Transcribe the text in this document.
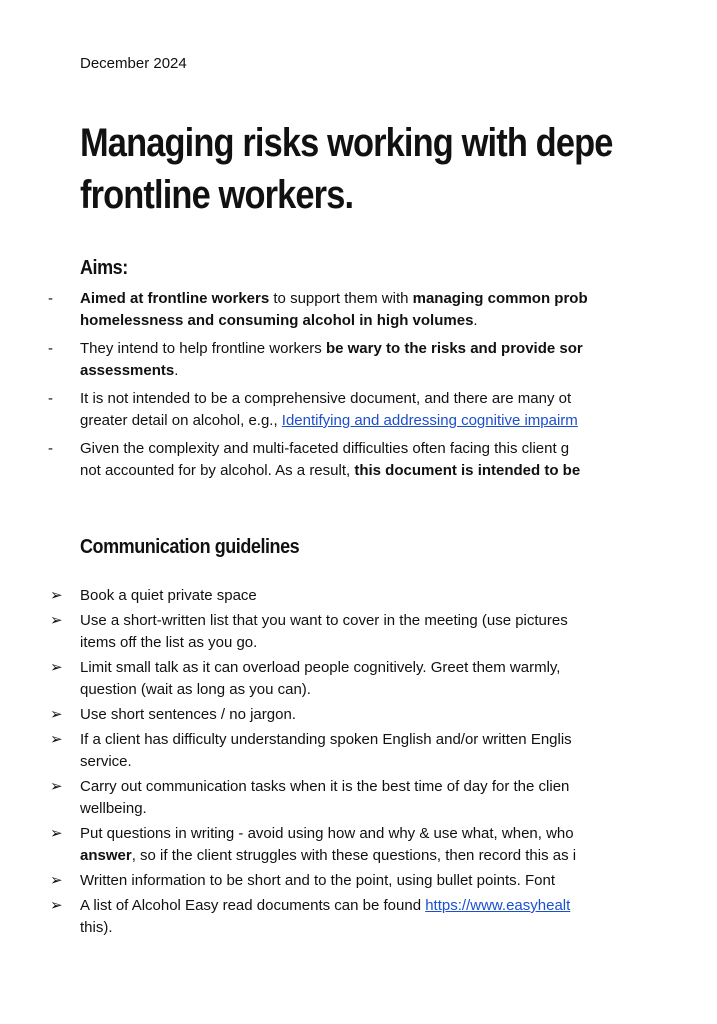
December 2024
Managing risks working with depe
frontline workers.
Aims:
-	Aimed at frontline workers to support them with managing common prob
homelessness and consuming alcohol in high volumes.
-	They intend to help frontline workers be wary to the risks and provide sor
assessments.
-	It is not intended to be a comprehensive document, and there are many ot
greater detail on alcohol, e.g., Identifying and addressing cognitive impairm
-	Given the complexity and multi-faceted difficulties often facing this client g
not accounted for by alcohol. As a result, this document is intended to be
Communication guidelines
➢	Book a quiet private space
➢	Use a short-written list that you want to cover in the meeting (use pictures
items off the list as you go.
➢	Limit small talk as it can overload people cognitively. Greet them warmly,
question (wait as long as you can).
➢	Use short sentences / no jargon.
➢	If a client has difficulty understanding spoken English and/or written Englis
service.
➢	Carry out communication tasks when it is the best time of day for the clien
wellbeing.
➢	Put questions in writing - avoid using how and why & use what, when, who
answer, so if the client struggles with these questions, then record this as i
➢	Written information to be short and to the point, using bullet points. Font
➢	A list of Alcohol Easy read documents can be found https://www.easyhealt
this).
